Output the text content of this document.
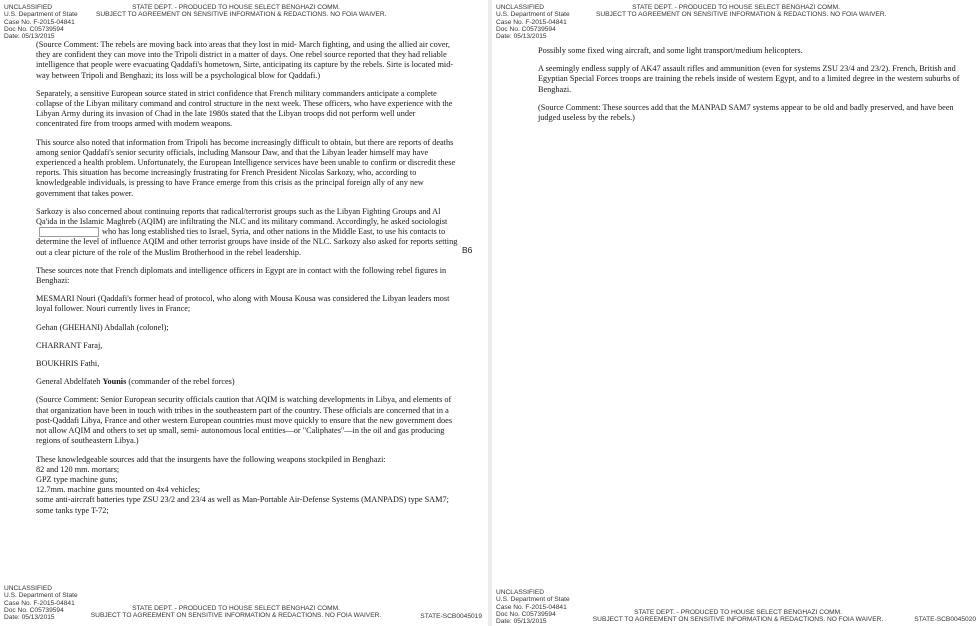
UNCLASSIFIED
U.S. Department of State
Case No. F-2015-04841
Doc No. C05739594
Date: 05/13/2015
STATE DEPT. - PRODUCED TO HOUSE SELECT BENGHAZI COMM.
SUBJECT TO AGREEMENT ON SENSITIVE INFORMATION & REDACTIONS. NO FOIA WAIVER.

(Source Comment: The rebels are moving back into areas that they lost in mid- March fighting, and using the allied air cover, they are confident they can move into the Tripoli district in a matter of days. One rebel source reported that they had reliable intelligence that people were evacuating Qaddafi's hometown, Sirte, anticipating its capture by the rebels. Sirte is located mid-way between Tripoli and Benghazi; its loss will be a psychological blow for Qaddafi.)

Separately, a sensitive European source stated in strict confidence that French military commanders anticipate a complete collapse of the Libyan military command and control structure in the next week. These officers, who have experience with the Libyan Army during its invasion of Chad in the late 1980s stated that the Libyan troops did not perform well under concentrated fire from troops armed with modern weapons.

This source also noted that information from Tripoli has become increasingly difficult to obtain, but there are reports of deaths among senior Qaddafi's senior security officials, including Mansour Daw, and that the Libyan leader himself may have experienced a health problem. Unfortunately, the European Intelligence services have been unable to confirm or discredit these reports. This situation has become increasingly frustrating for French President Nicolas Sarkozy, who, according to knowledgeable individuals, is pressing to have France emerge from this crisis as the principal foreign ally of any new government that takes power.

Sarkozy is also concerned about continuing reports that radical/terrorist groups such as the Libyan Fighting Groups and Al Qa'ida in the Islamic Maghreb (AQIM) are infiltrating the NLC and its military command. Accordingly, he asked sociologistwho has long established ties to Israel, Syria, and other nations in the Middle East, to use his contacts to determine the level of influence AQIM and other terrorist groups have inside of the NLC. Sarkozy also asked for reports setting out a clear picture of the role of the Muslim Brotherhood in the rebel leadership.

These sources note that French diplomats and intelligence officers in Egypt are in contact with the following rebel figures in Benghazi:

MESMARI Nouri (Qaddafi's former head of protocol, who along with Mousa Kousa was considered the Libyan leaders most loyal follower. Nouri currently lives in France;

Gehan (GHEHANI) Abdallah (colonel);

CHARRANT Faraj,

BOUKHRIS Fathi,

General Abdelfateh Younis (commander of the rebel forces)

(Source Comment: Senior European security officials caution that AQIM is watching developments in Libya, and elements of that organization have been in touch with tribes in the southeastern part of the country. These officials are concerned that in a post-Qaddafi Libya, France and other western European countries must move quickly to ensure that the new government does not allow AQIM and others to set up small, semi- autonomous local entities—or "Caliphates"—in the oil and gas producing regions of southeastern Libya.)

These knowledgeable sources add that the insurgents have the following weapons stockpiled in Benghazi:

82 and 120 mm. mortars;

GPZ type machine guns;

12.7mm. machine guns mounted on 4x4 vehicles;

some anti-aircraft batteries type ZSU 23/2 and 23/4 as well as Man-Portable Air-Defense Systems (MANPADS) type SAM7;

some tanks type T-72;

UNCLASSIFIED
U.S. Department of State
Case No. F-2015-04841
Doc No. C05739594
Date: 05/13/2015
STATE DEPT. - PRODUCED TO HOUSE SELECT BENGHAZI COMM.
SUBJECT TO AGREEMENT ON SENSITIVE INFORMATION & REDACTIONS. NO FOIA WAIVER.	STATE-SCB0045019
B6
UNCLASSIFIED
U.S. Department of State
Case No. F-2015-04841
Doc No. C05739594
Date: 05/13/2015
STATE DEPT. - PRODUCED TO HOUSE SELECT BENGHAZI COMM.
SUBJECT TO AGREEMENT ON SENSITIVE INFORMATION & REDACTIONS. NO FOIA WAIVER.

Possibly some fixed wing aircraft, and some light transport/medium helicopters.

A seemingly endless supply of AK47 assault rifles and ammunition (even for systems ZSU 23/4 and 23/2). French, British and Egyptian Special Forces troops are training the rebels inside of western Egypt, and to a limited degree in the western suburbs of Benghazi.

(Source Comment: These sources add that the MANPAD SAM7 systems appear to be old and badly preserved, and have been judged useless by the rebels.)

UNCLASSIFIED
U.S. Department of State
Case No. F-2015-04841
Doc No. C05739594
Date: 05/13/2015
STATE DEPT. - PRODUCED TO HOUSE SELECT BENGHAZI COMM.
SUBJECT TO AGREEMENT ON SENSITIVE INFORMATION & REDACTIONS. NO FOIA WAIVER.	STATE-SCB0045020
